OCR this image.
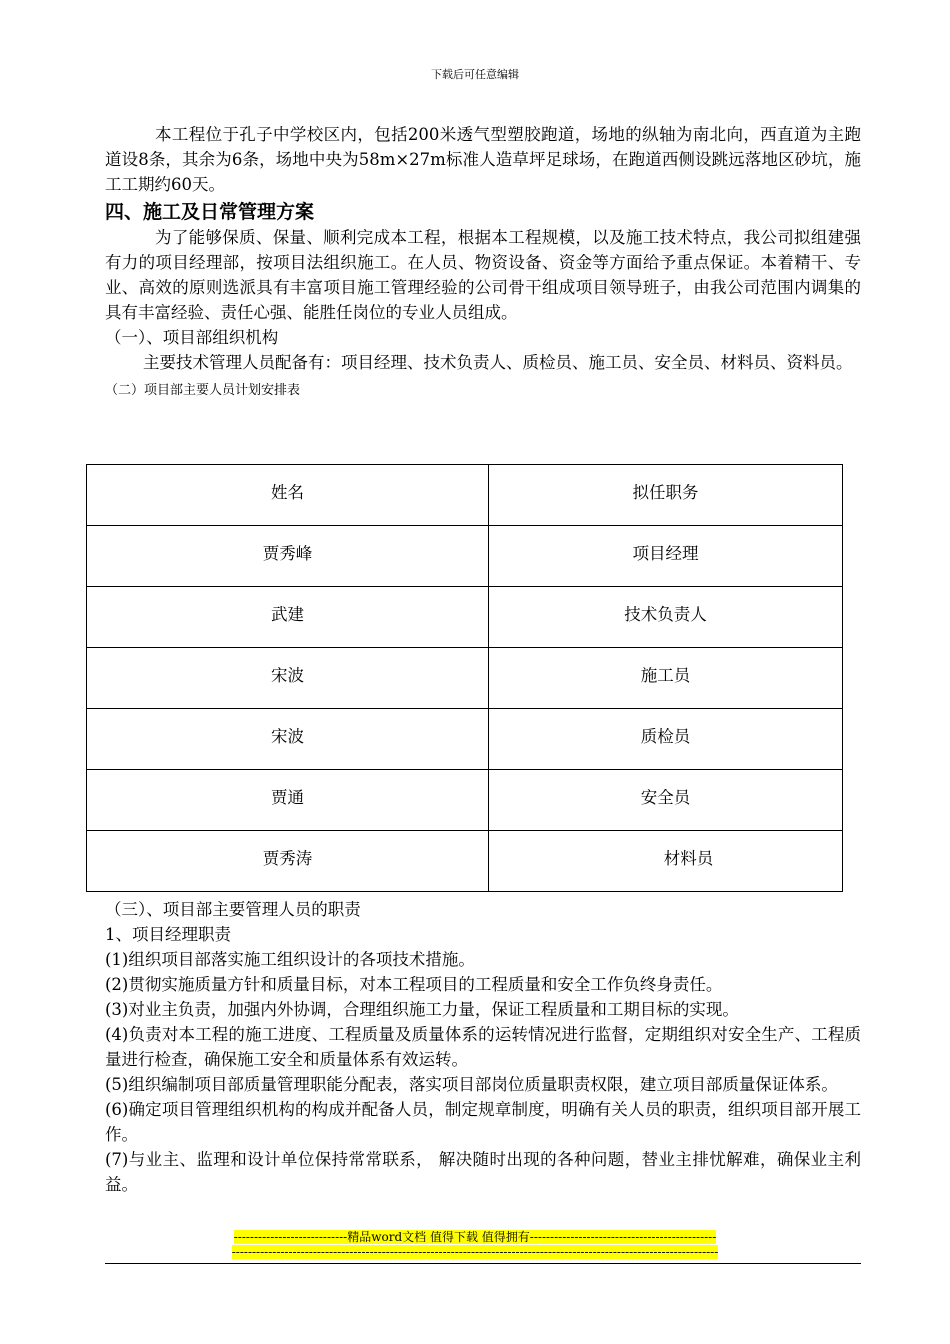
下载后可任意编辑

本工程位于孔子中学校区内，包括200米透气型塑胶跑道，场地的纵轴为南北向，西直道为主跑道设8条，其余为6条，场地中央为58m×27m标准人造草坪足球场，在跑道西侧设跳远落地区砂坑，施工工期约60天。

四、施工及日常管理方案

为了能够保质、保量、顺利完成本工程，根据本工程规模，以及施工技术特点，我公司拟组建强有力的项目经理部，按项目法组织施工。在人员、物资设备、资金等方面给予重点保证。本着精干、专业、高效的原则选派具有丰富项目施工管理经验的公司骨干组成项目领导班子，由我公司范围内调集的具有丰富经验、责任心强、能胜任岗位的专业人员组成。

（一）、项目部组织机构

主要技术管理人员配备有：项目经理、技术负责人、质检员、施工员、安全员、材料员、资料员。

（二）项目部主要人员计划安排表

姓名	拟任职务

贾秀峰	项目经理

武建	技术负责人

宋波	施工员

宋波	质检员

贾通	安全员

贾秀涛	材料员

（三）、项目部主要管理人员的职责

1、项目经理职责

(1)组织项目部落实施工组织设计的各项技术措施。

(2)贯彻实施质量方针和质量目标，对本工程项目的工程质量和安全工作负终身责任。

(3)对业主负责，加强内外协调，合理组织施工力量，保证工程质量和工期目标的实现。

(4)负责对本工程的施工进度、工程质量及质量体系的运转情况进行监督，定期组织对安全生产、工程质量进行检查，确保施工安全和质量体系有效运转。

(5)组织编制项目部质量管理职能分配表，落实项目部岗位质量职责权限，建立项目部质量保证体系。

(6)确定项目管理组织机构的构成并配备人员，制定规章制度，明确有关人员的职责，组织项目部开展工作。

(7)与业主、监理和设计单位保持常常联系， 解决随时出现的各种问题，替业主排忧解难，确保业主利益。

----------------------------精品word文档 值得下载 值得拥有----------------------------------------------
------------------------------------------------------------------------------------------------------------------------
